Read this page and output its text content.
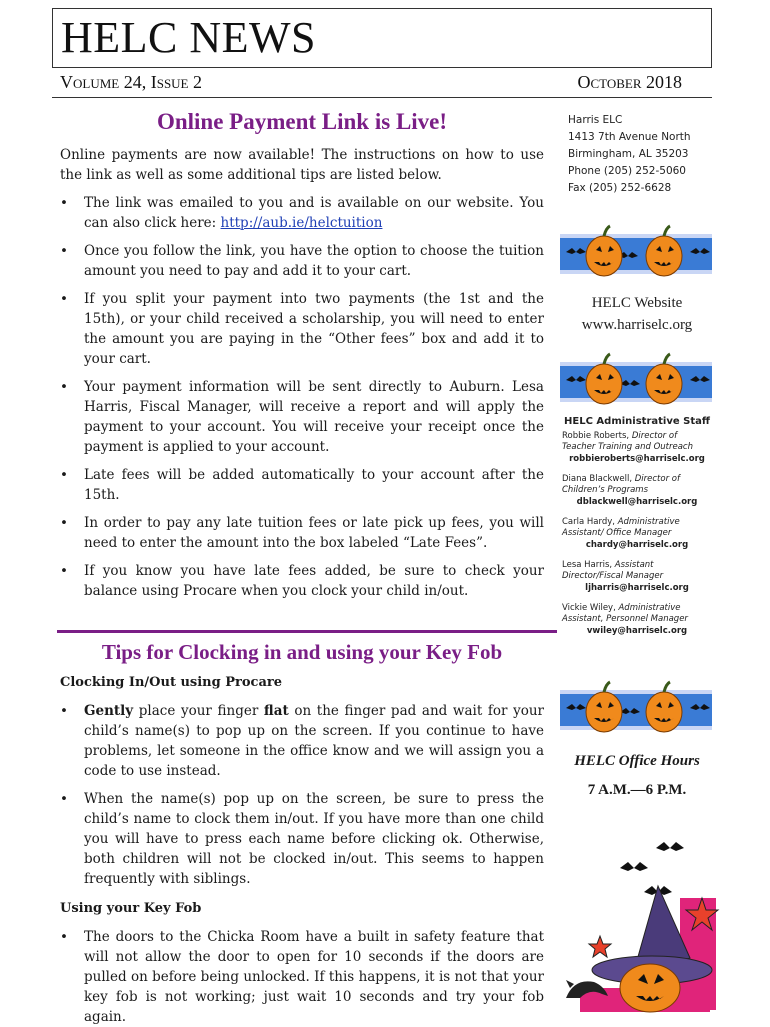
HELC NEWS
Volume 24, Issue 2	October 2018
Online Payment Link is Live!

Online payments are now available! The instructions on how to use the link as well as some additional tips are listed below.

• The link was emailed to you and is available on our website. You can also click here: http://aub.ie/helctuition
• Once you follow the link, you have the option to choose the tuition amount you need to pay and add it to your cart.
• If you split your payment into two payments (the 1st and the 15th), or your child received a scholarship, you will need to enter the amount you are paying in the “Other fees” box and add it to your cart.
• Your payment information will be sent directly to Auburn. Lesa Harris, Fiscal Manager, will receive a report and will apply the payment to your account. You will receive your receipt once the payment is applied to your account.
• Late fees will be added automatically to your account after the 15th.
• In order to pay any late tuition fees or late pick up fees, you will need to enter the amount into the box labeled “Late Fees”.
• If you know you have late fees added, be sure to check your balance using Procare when you clock your child in/out.
Tips for Clocking in and using your Key Fob

Clocking In/Out using Procare

• Gently place your finger flat on the finger pad and wait for your child’s name(s) to pop up on the screen. If you continue to have problems, let someone in the office know and we will assign you a code to use instead.
• When the name(s) pop up on the screen, be sure to press the child’s name to clock them in/out. If you have more than one child you will have to press each name before clicking ok. Otherwise, both children will not be clocked in/out. This seems to happen frequently with siblings.

Using your Key Fob

• The doors to the Chicka Room have a built in safety feature that will not allow the door to open for 10 seconds if the doors are pulled on before being unlocked. If this happens, it is not that your key fob is not working; just wait 10 seconds and try your fob again.
Harris ELC
1413 7th Avenue North
Birmingham, AL 35203
Phone (205) 252-5060
Fax (205) 252-6628
HELC Website
www.harriselc.org
HELC Administrative Staff
Robbie Roberts, Director of Teacher Training and Outreach
robbieroberts@harriselc.org
Diana Blackwell, Director of Children’s Programs
dblackwell@harriselc.org
Carla Hardy, Administrative Assistant/ Office Manager
chardy@harriselc.org
Lesa Harris, Assistant Director/Fiscal Manager
ljharris@harriselc.org
Vickie Wiley, Administrative Assistant, Personnel Manager
vwiley@harriselc.org
HELC Office Hours
7 A.M.—6 P.M.
